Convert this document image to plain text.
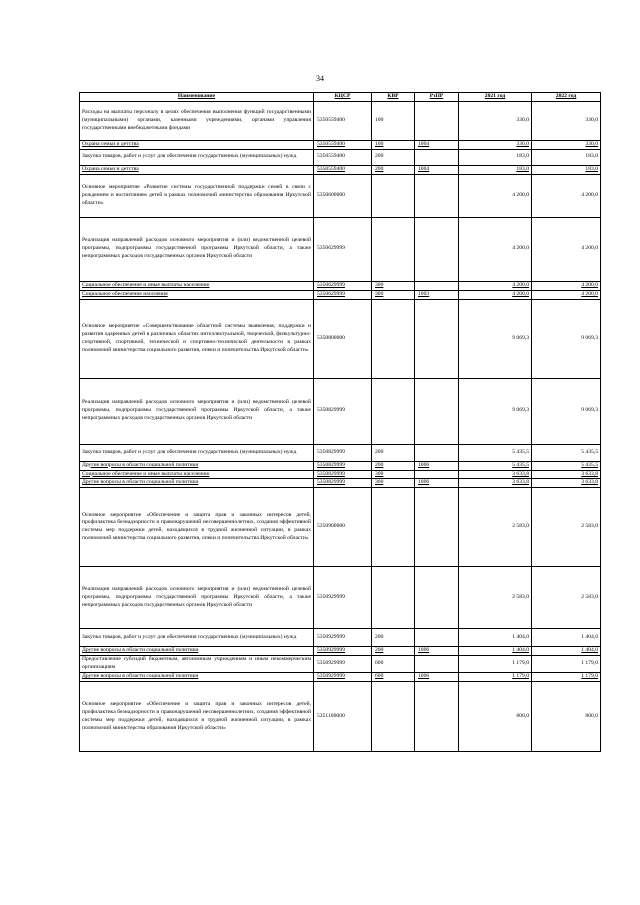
34
Наименование	КЦСР	КВР	РзПР	2021 год	2022 год
Расходы на выплаты персоналу в целях обеспечения выполнения функций государственными (муниципальными) органами, казенными учреждениями, органами управления государственными внебюджетными фондами	5350559400	100		330,0	330,0
Охрана семьи и детства	5350559400	100	1004	330,0	330,0
Закупка товаров, работ и услуг для обеспечения государственных (муниципальных) нужд	5350559400	200		183,0	183,0
Охрана семьи и детства	5350559400	200	1004	183,0	183,0
Основное мероприятие «Развитие системы государственной поддержки семей в связи с рождением и воспитанием детей в рамках полномочий министерства образования Иркутской области»	5350600000			4 200,0	4 200,0
Реализация направлений расходов основного мероприятия и (или) ведомственной целевой программы, подпрограммы государственной программы Иркутской области, а также непрограммных расходов государственных органов Иркутской области	5350629999			4 200,0	4 200,0
Социальное обеспечение и иные выплаты населению	5350629999	300		4 200,0	4 200,0
Социальное обеспечение населения	5350629999	300	1003	4 200,0	4 200,0
Основное мероприятие «Совершенствование областной системы выявления, поддержки и развития одаренных детей в различных областях интеллектуальной, творческой, физкультурно-спортивной, спортивной, технической и спортивно-технической деятельности в рамках полномочий министерства социального развития, опеки и попечительства Иркутской области»	5350800000			9 069,3	9 069,3
Реализация направлений расходов основного мероприятия и (или) ведомственной целевой программы, подпрограммы государственной программы Иркутской области, а также непрограммных расходов государственных органов Иркутской области	5350829999			9 069,3	9 069,3
Закупка товаров, работ и услуг для обеспечения государственных (муниципальных) нужд	5350829999	200		5 435,5	5 435,5
Другие вопросы в области социальной политики	5350829999	200	1006	5 435,5	5 435,5
Социальное обеспечение и иные выплаты населению	5350829999	300		3 633,8	3 633,8
Другие вопросы в области социальной политики	5350829999	300	1006	3 633,8	3 633,8
Основное мероприятие «Обеспечение и защита прав и законных интересов детей, профилактика безнадзорности и правонарушений несовершеннолетних, создания эффективной системы мер поддержки детей, находящихся в трудной жизненной ситуации, в рамках полномочий министерства социального развития, опеки и попечительства Иркутской области»	5350900000			2 583,0	2 583,0
Реализация направлений расходов основного мероприятия и (или) ведомственной целевой программы, подпрограммы государственной программы Иркутской области, а также непрограммных расходов государственных органов Иркутской области	5350929999			2 583,0	2 583,0
Закупка товаров, работ и услуг для обеспечения государственных (муниципальных) нужд	5350929999	200		1 404,0	1 404,0
Другие вопросы в области социальной политики	5350929999	200	1006	1 404,0	1 404,0
Предоставление субсидий бюджетным, автономным учреждениям и иным некоммерческим организациям	5350929999	600		1 179,0	1 179,0
Другие вопросы в области социальной политики	5350929999	600	1006	1 179,0	1 179,0
Основное мероприятие «Обеспечение и защита прав и законных интересов детей, профилактика безнадзорности и правонарушений несовершеннолетних, создания эффективной системы мер поддержки детей, находящихся в трудной жизненной ситуации, в рамках полномочий министерства образования Иркутской области»	5351100000			800,0	800,0
